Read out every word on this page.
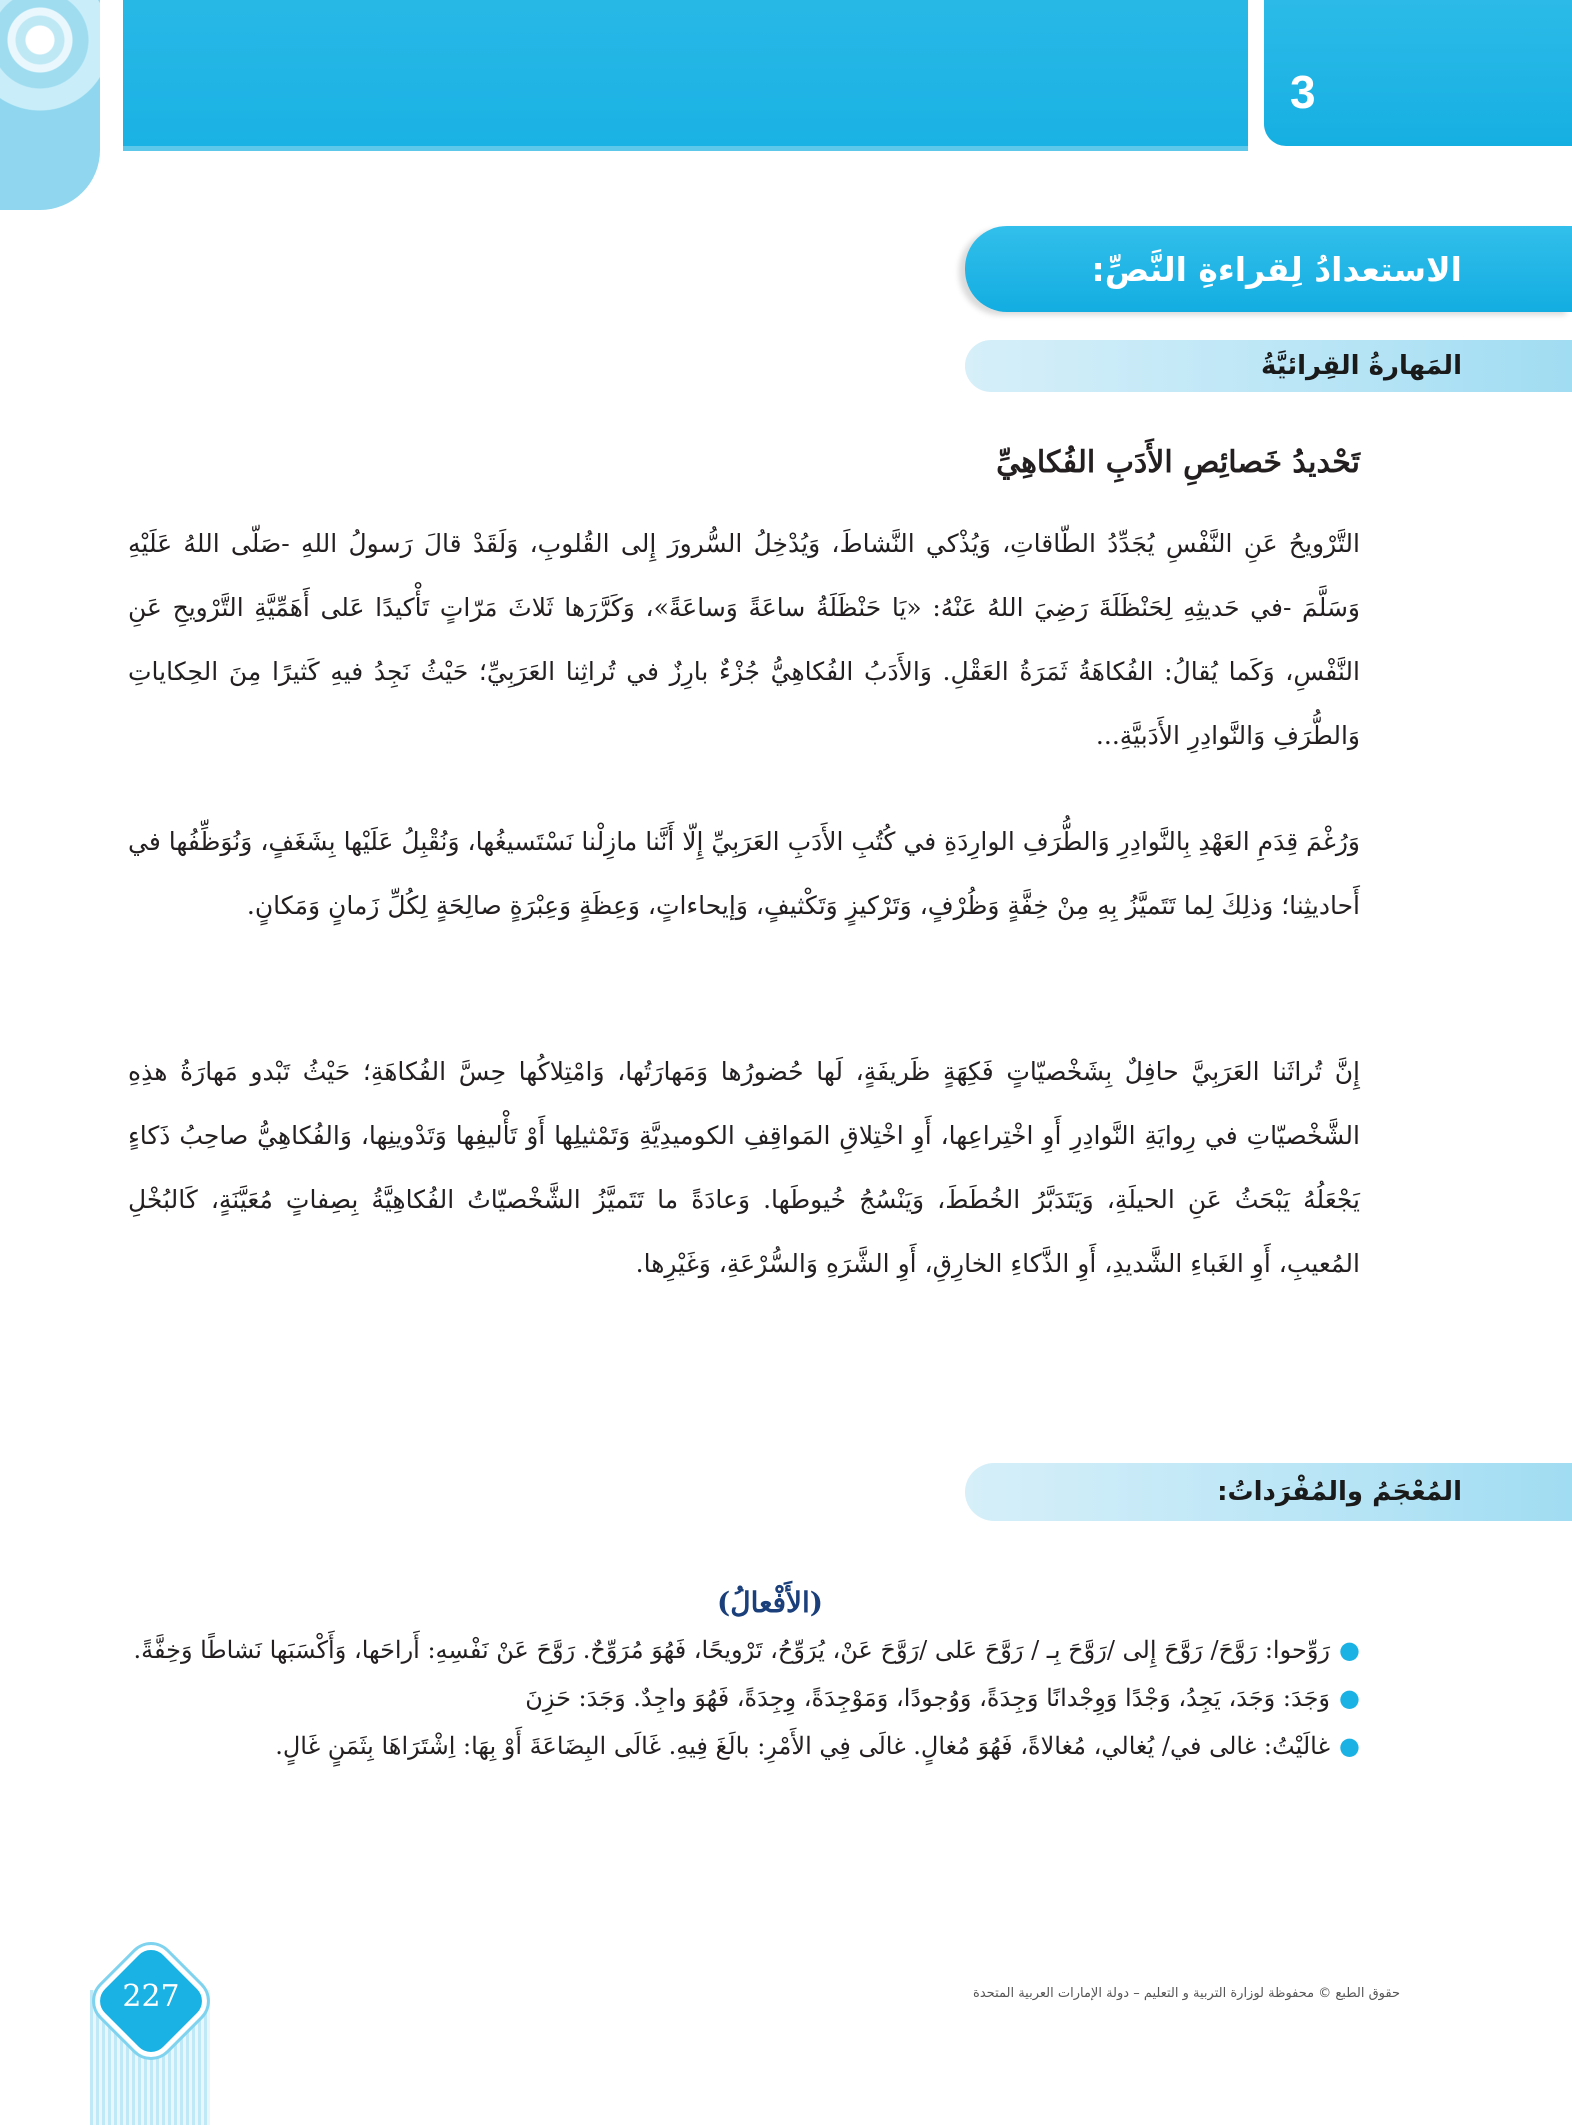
3
الاستعدادُ لِقراءةِ النَّصِّ:
المَهارةُ القِرائيَّةُ
تَحْديدُ خَصائِصِ الأَدَبِ الفُكاهِيِّ

التَّرْويحُ عَنِ النَّفْسِ يُجَدِّدُ الطّاقاتِ، وَيُذْكي النَّشاطَ، وَيُدْخِلُ السُّرورَ إِلى القُلوبِ، وَلَقَدْ قالَ رَسولُ اللهِ -صَلّى اللهُ عَلَيْهِ وَسَلَّمَ -في حَديثِهِ لِحَنْظَلَةَ رَضِيَ اللهُ عَنْهُ: «يَا حَنْظَلَةُ ساعَةً وَساعَةً»، وَكَرَّرَها ثَلاثَ مَرّاتٍ تَأْكيدًا عَلى أَهَمِّيَّةِ التَّرْويحِ عَنِ النَّفْسِ، وَكَما يُقالُ: الفُكاهَةُ ثَمَرَةُ العَقْلِ. وَالأَدَبُ الفُكاهِيُّ جُزْءٌ بارِزٌ في تُراثِنا العَرَبِيِّ؛ حَيْثُ نَجِدُ فيهِ كَثيرًا مِنَ الحِكاياتِ وَالطُّرَفِ وَالنَّوادِرِ الأَدَبيَّةِ...

وَرُغْمَ قِدَمِ العَهْدِ بِالنَّوادِرِ وَالطُّرَفِ الوارِدَةِ في كُتُبِ الأَدَبِ العَرَبِيِّ إِلّا أَنَّنا مازِلْنا نَسْتَسيغُها، وَنُقْبِلُ عَلَيْها بِشَغَفٍ، وَنُوَظِّفُها في أَحاديثِنا؛ وَذلِكَ لِما تَتَميَّزُ بِهِ مِنْ خِفَّةٍ وَظُرْفٍ، وَتَرْكيزٍ وَتَكْثيفٍ، وَإيحاءاتٍ، وَعِظَةٍ وَعِبْرَةٍ صالِحَةٍ لِكُلِّ زَمانٍ وَمَكانٍ.

إِنَّ تُراثَنا العَرَبِيَّ حافِلٌ بِشَخْصيّاتٍ فَكِهَةٍ ظَريفَةٍ، لَها حُضورُها وَمَهارَتُها، وَامْتِلاكُها حِسَّ الفُكاهَةِ؛ حَيْثُ تَبْدو مَهارَةُ هذِهِ الشَّخْصيّاتِ في رِوايَةِ النَّوادِرِ أَوِ اخْتِراعِها، أَوِ اخْتِلاقِ المَواقِفِ الكوميدِيَّةِ وَتَمْثيلِها أَوْ تَأْليفِها وَتَدْوينِها، وَالفُكاهِيُّ صاحِبُ ذَكاءٍ يَجْعَلُهُ يَبْحَثُ عَنِ الحيلَةِ، وَيَتَدَبَّرُ الخُطَطَ، وَيَنْسُجُ خُيوطَها. وَعادَةً ما تَتَميَّزُ الشَّخْصيّاتُ الفُكاهِيَّةُ بِصِفاتٍ مُعَيَّنَةٍ، كَالبُخْلِ المُعيبِ، أَوِ الغَباءِ الشَّديدِ، أَوِ الذَّكاءِ الخارِقِ، أَوِ الشَّرَهِ وَالسُّرْعَةِ، وَغَيْرِها.

المُعْجَمُ والمُفْرَداتُ:
(الأَفْعالُ)
●
رَوِّحوا: رَوَّحَ/ رَوَّحَ إِلى /رَوَّحَ بِـ / رَوَّحَ عَلى /رَوَّحَ عَنْ، يُرَوِّحُ، تَرْويحًا، فَهُوَ مُرَوِّحٌ. رَوَّحَ عَنْ نَفْسِهِ: أَراحَها، وَأَكْسَبَها نَشاطًا وَخِفَّةً.
●
وَجَدَ: وَجَدَ، يَجِدُ، وَجْدًا وَوِجْدانًا وَجِدَةً، وَوُجودًا، وَمَوْجِدَةً، وِجِدَةً، فَهُوَ واجِدٌ. وَجَدَ: حَزِنَ
●
غالَيْتُ: غالى في/ يُغالي، مُغالاةً، فَهُوَ مُغالٍ. غالَى فِي الأَمْرِ: بالَغَ فِيهِ. غَالَى البِضَاعَةَ أَوْ بِهَا: اِشْتَرَاهَا بِثَمَنٍ غَالٍ.
227	حقوق الطبع © محفوظة لوزارة التربية و التعليم – دولة الإمارات العربية المتحدة
